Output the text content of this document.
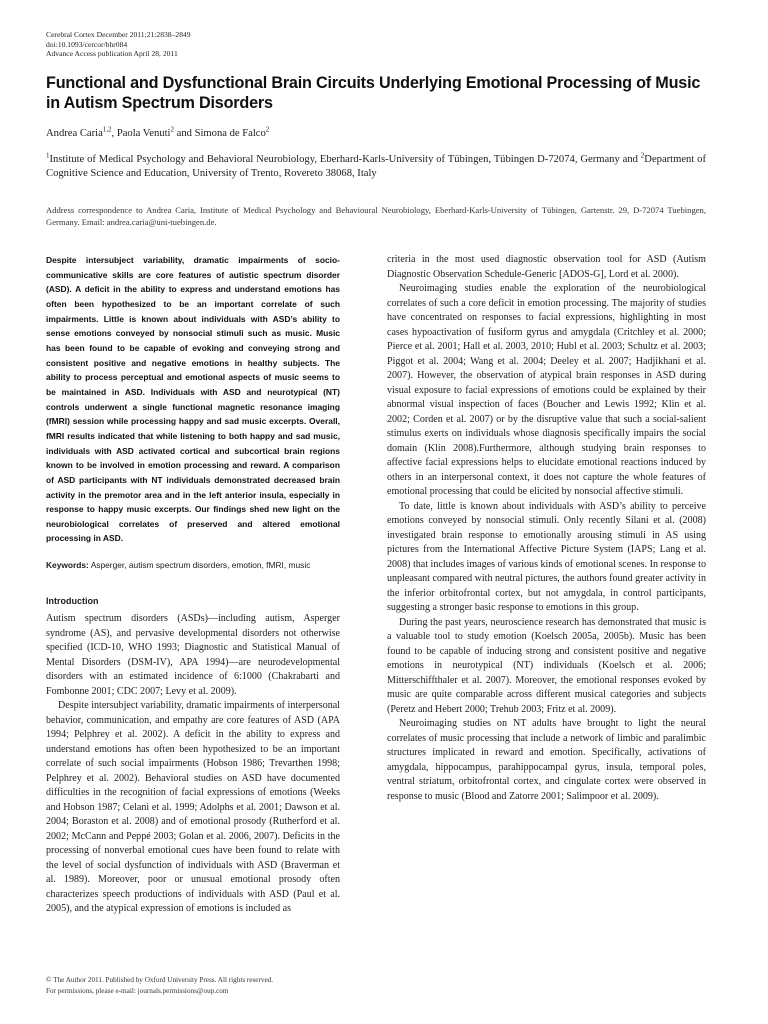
Cerebral Cortex December 2011;21:2838–2849
doi:10.1093/cercor/bhr084
Advance Access publication April 28, 2011
Functional and Dysfunctional Brain Circuits Underlying Emotional Processing of Music in Autism Spectrum Disorders
Andrea Caria$^{1,2}$, Paola Venuti$^2$ and Simona de Falco$^2$
$^1$Institute of Medical Psychology and Behavioral Neurobiology, Eberhard-Karls-University of Tübingen, Tübingen D-72074, Germany and $^2$Department of Cognitive Science and Education, University of Trento, Rovereto 38068, Italy
Address correspondence to Andrea Caria, Institute of Medical Psychology and Behavioural Neurobiology, Eberhard-Karls-University of Tübingen, Gartenstr. 29, D-72074 Tuebingen, Germany. Email: andrea.caria@uni-tuebingen.de.

Despite intersubject variability, dramatic impairments of socio-communicative skills are core features of autistic spectrum disorder (ASD). A deficit in the ability to express and understand emotions has often been hypothesized to be an important correlate of such impairments. Little is known about individuals with ASD’s ability to sense emotions conveyed by nonsocial stimuli such as music. Music has been found to be capable of evoking and conveying strong and consistent positive and negative emotions in healthy subjects. The ability to process perceptual and emotional aspects of music seems to be maintained in ASD. Individuals with ASD and neurotypical (NT) controls underwent a single functional magnetic resonance imaging (fMRI) session while processing happy and sad music excerpts. Overall, fMRI results indicated that while listening to both happy and sad music, individuals with ASD activated cortical and subcortical brain regions known to be involved in emotion processing and reward. A comparison of ASD participants with NT individuals demonstrated decreased brain activity in the premotor area and in the left anterior insula, especially in response to happy music excerpts. Our findings shed new light on the neurobiological correlates of preserved and altered emotional processing in ASD.

Keywords: Asperger, autism spectrum disorders, emotion, fMRI, music
Introduction

Autism spectrum disorders (ASDs)—including autism, Asperger syndrome (AS), and pervasive developmental disorders not otherwise specified (ICD-10, WHO 1993; Diagnostic and Statistical Manual of Mental Disorders (DSM-IV), APA 1994)—are neurodevelopmental disorders with an estimated incidence of 6:1000 (Chakrabarti and Fombonne 2001; CDC 2007; Levy et al. 2009).

Despite intersubject variability, dramatic impairments of interpersonal behavior, communication, and empathy are core features of ASD (APA 1994; Pelphrey et al. 2002). A deficit in the ability to express and understand emotions has often been hypothesized to be an important correlate of such social impairments (Hobson 1986; Trevarthen 1998; Pelphrey et al. 2002). Behavioral studies on ASD have documented difficulties in the recognition of facial expressions of emotions (Weeks and Hobson 1987; Celani et al. 1999; Adolphs et al. 2001; Dawson et al. 2004; Boraston et al. 2008) and of emotional prosody (Rutherford et al. 2002; McCann and Peppé 2003; Golan et al. 2006, 2007). Deficits in the processing of nonverbal emotional cues have been found to relate with the level of social dysfunction of individuals with ASD (Braverman et al. 1989). Moreover, poor or unusual emotional prosody often characterizes speech productions of individuals with ASD (Paul et al. 2005), and the atypical expression of emotions is included as

criteria in the most used diagnostic observation tool for ASD (Autism Diagnostic Observation Schedule-Generic [ADOS-G], Lord et al. 2000).

Neuroimaging studies enable the exploration of the neurobiological correlates of such a core deficit in emotion processing. The majority of studies have concentrated on responses to facial expressions, highlighting in most cases hypoactivation of fusiform gyrus and amygdala (Critchley et al. 2000; Pierce et al. 2001; Hall et al. 2003, 2010; Hubl et al. 2003; Schultz et al. 2003; Piggot et al. 2004; Wang et al. 2004; Deeley et al. 2007; Hadjikhani et al. 2007). However, the observation of atypical brain responses in ASD during visual exposure to facial expressions of emotions could be explained by their abnormal visual inspection of faces (Boucher and Lewis 1992; Klin et al. 2002; Corden et al. 2007) or by the disruptive value that such a social-salient stimulus exerts on individuals whose diagnosis specifically impairs the social domain (Klin 2008).Furthermore, although studying brain responses to affective facial expressions helps to elucidate emotional reactions induced by others in an interpersonal context, it does not capture the whole features of emotional processing that could be elicited by nonsocial affective stimuli.

To date, little is known about individuals with ASD’s ability to perceive emotions conveyed by nonsocial stimuli. Only recently Silani et al. (2008) investigated brain response to emotionally arousing stimuli in AS using pictures from the International Affective Picture System (IAPS; Lang et al. 2008) that includes images of various kinds of emotional scenes. In response to unpleasant compared with neutral pictures, the authors found greater activity in the inferior orbitofrontal cortex, but not amygdala, in control participants, suggesting a stronger basic response to emotions in this group.

During the past years, neuroscience research has demonstrated that music is a valuable tool to study emotion (Koelsch 2005a, 2005b). Music has been found to be capable of inducing strong and consistent positive and negative emotions in neurotypical (NT) individuals (Koelsch et al. 2006; Mitterschiffthaler et al. 2007). Moreover, the emotional responses evoked by music are quite comparable across different musical categories and subjects (Peretz and Hebert 2000; Trehub 2003; Fritz et al. 2009).

Neuroimaging studies on NT adults have brought to light the neural correlates of music processing that include a network of limbic and paralimbic structures implicated in reward and emotion. Specifically, activations of amygdala, hippocampus, parahippocampal gyrus, insula, temporal poles, ventral striatum, orbitofrontal cortex, and cingulate cortex were observed in response to music (Blood and Zatorre 2001; Salimpoor et al. 2009).

© The Author 2011. Published by Oxford University Press. All rights reserved.
For permissions, please e-mail: journals.permissions@oup.com
